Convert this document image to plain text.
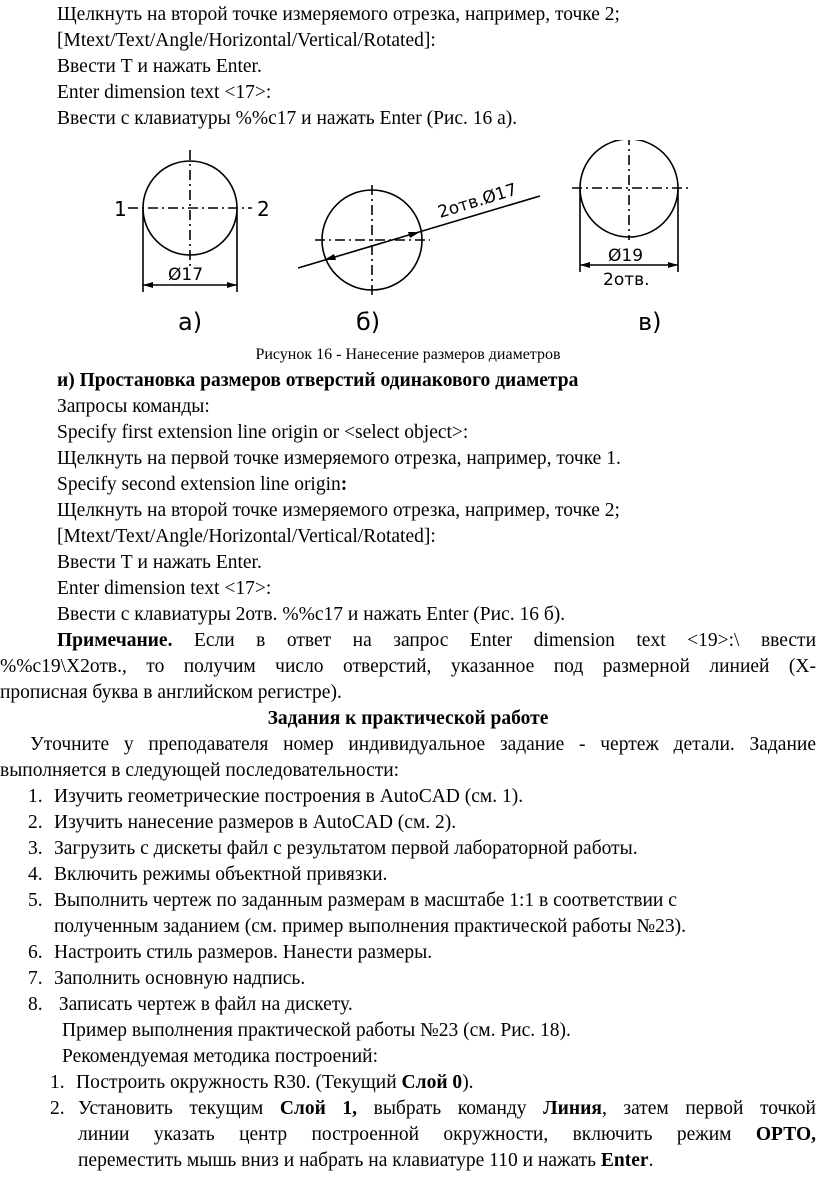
Щелкнуть на второй точке измеряемого отрезка, например, точке 2;
[Mtext/Text/Angle/Horizontal/Vertical/Rotated]:
Ввести Т и нажать Enter.
Enter dimension text <17>:
Ввести с клавиатуры %%c17 и нажать Enter (Рис. 16 а).
1	2
Ø17
2отв.Ø17
Ø19
2отв.
а)	б)	в)
Рисунок 16 - Нанесение размеров диаметров
и) Простановка размеров отверстий одинакового диаметра
Запросы команды:
Specify first extension line origin or <select object>:
Щелкнуть на первой точке измеряемого отрезка, например, точке 1.
Specify second extension line origin:
Щелкнуть на второй точке измеряемого отрезка, например, точке 2;
[Mtext/Text/Angle/Horizontal/Vertical/Rotated]:
Ввести Т и нажать Enter.
Enter dimension text <17>:
Ввести с клавиатуры 2отв. %%c17 и нажать Enter (Рис. 16 б).
Примечание. Если в ответ на запрос Enter dimension text <19>:\ ввести
%%c19\X2отв., то получим число отверстий, указанное под размерной линией (Х-
прописная буква в английском регистре).
Задания к практической работе
Уточните у преподавателя номер индивидуальное задание - чертеж детали. Задание
выполняется в следующей последовательности:
1. Изучить геометрические построения в AutoCAD (см. 1).
2. Изучить нанесение размеров в AutoCAD (см. 2).
3. Загрузить с дискеты файл с результатом первой лабораторной работы.
4. Включить режимы объектной привязки.
5. Выполнить чертеж по заданным размерам в масштабе 1:1 в соответствии с
полученным заданием (см. пример выполнения практической работы №23).
6. Настроить стиль размеров. Нанести размеры.
7. Заполнить основную надпись.
8. Записать чертеж в файл на дискету.
Пример выполнения практической работы №23 (см. Рис. 18).
Рекомендуемая методика построений:
1. Построить окружность R30. (Текущий Слой 0).
2. Установить текущим Слой 1, выбрать команду Линия, затем первой точкой
линии указать центр построенной окружности, включить режим ОРТО,
переместить мышь вниз и набрать на клавиатуре 110 и нажать Enter.
